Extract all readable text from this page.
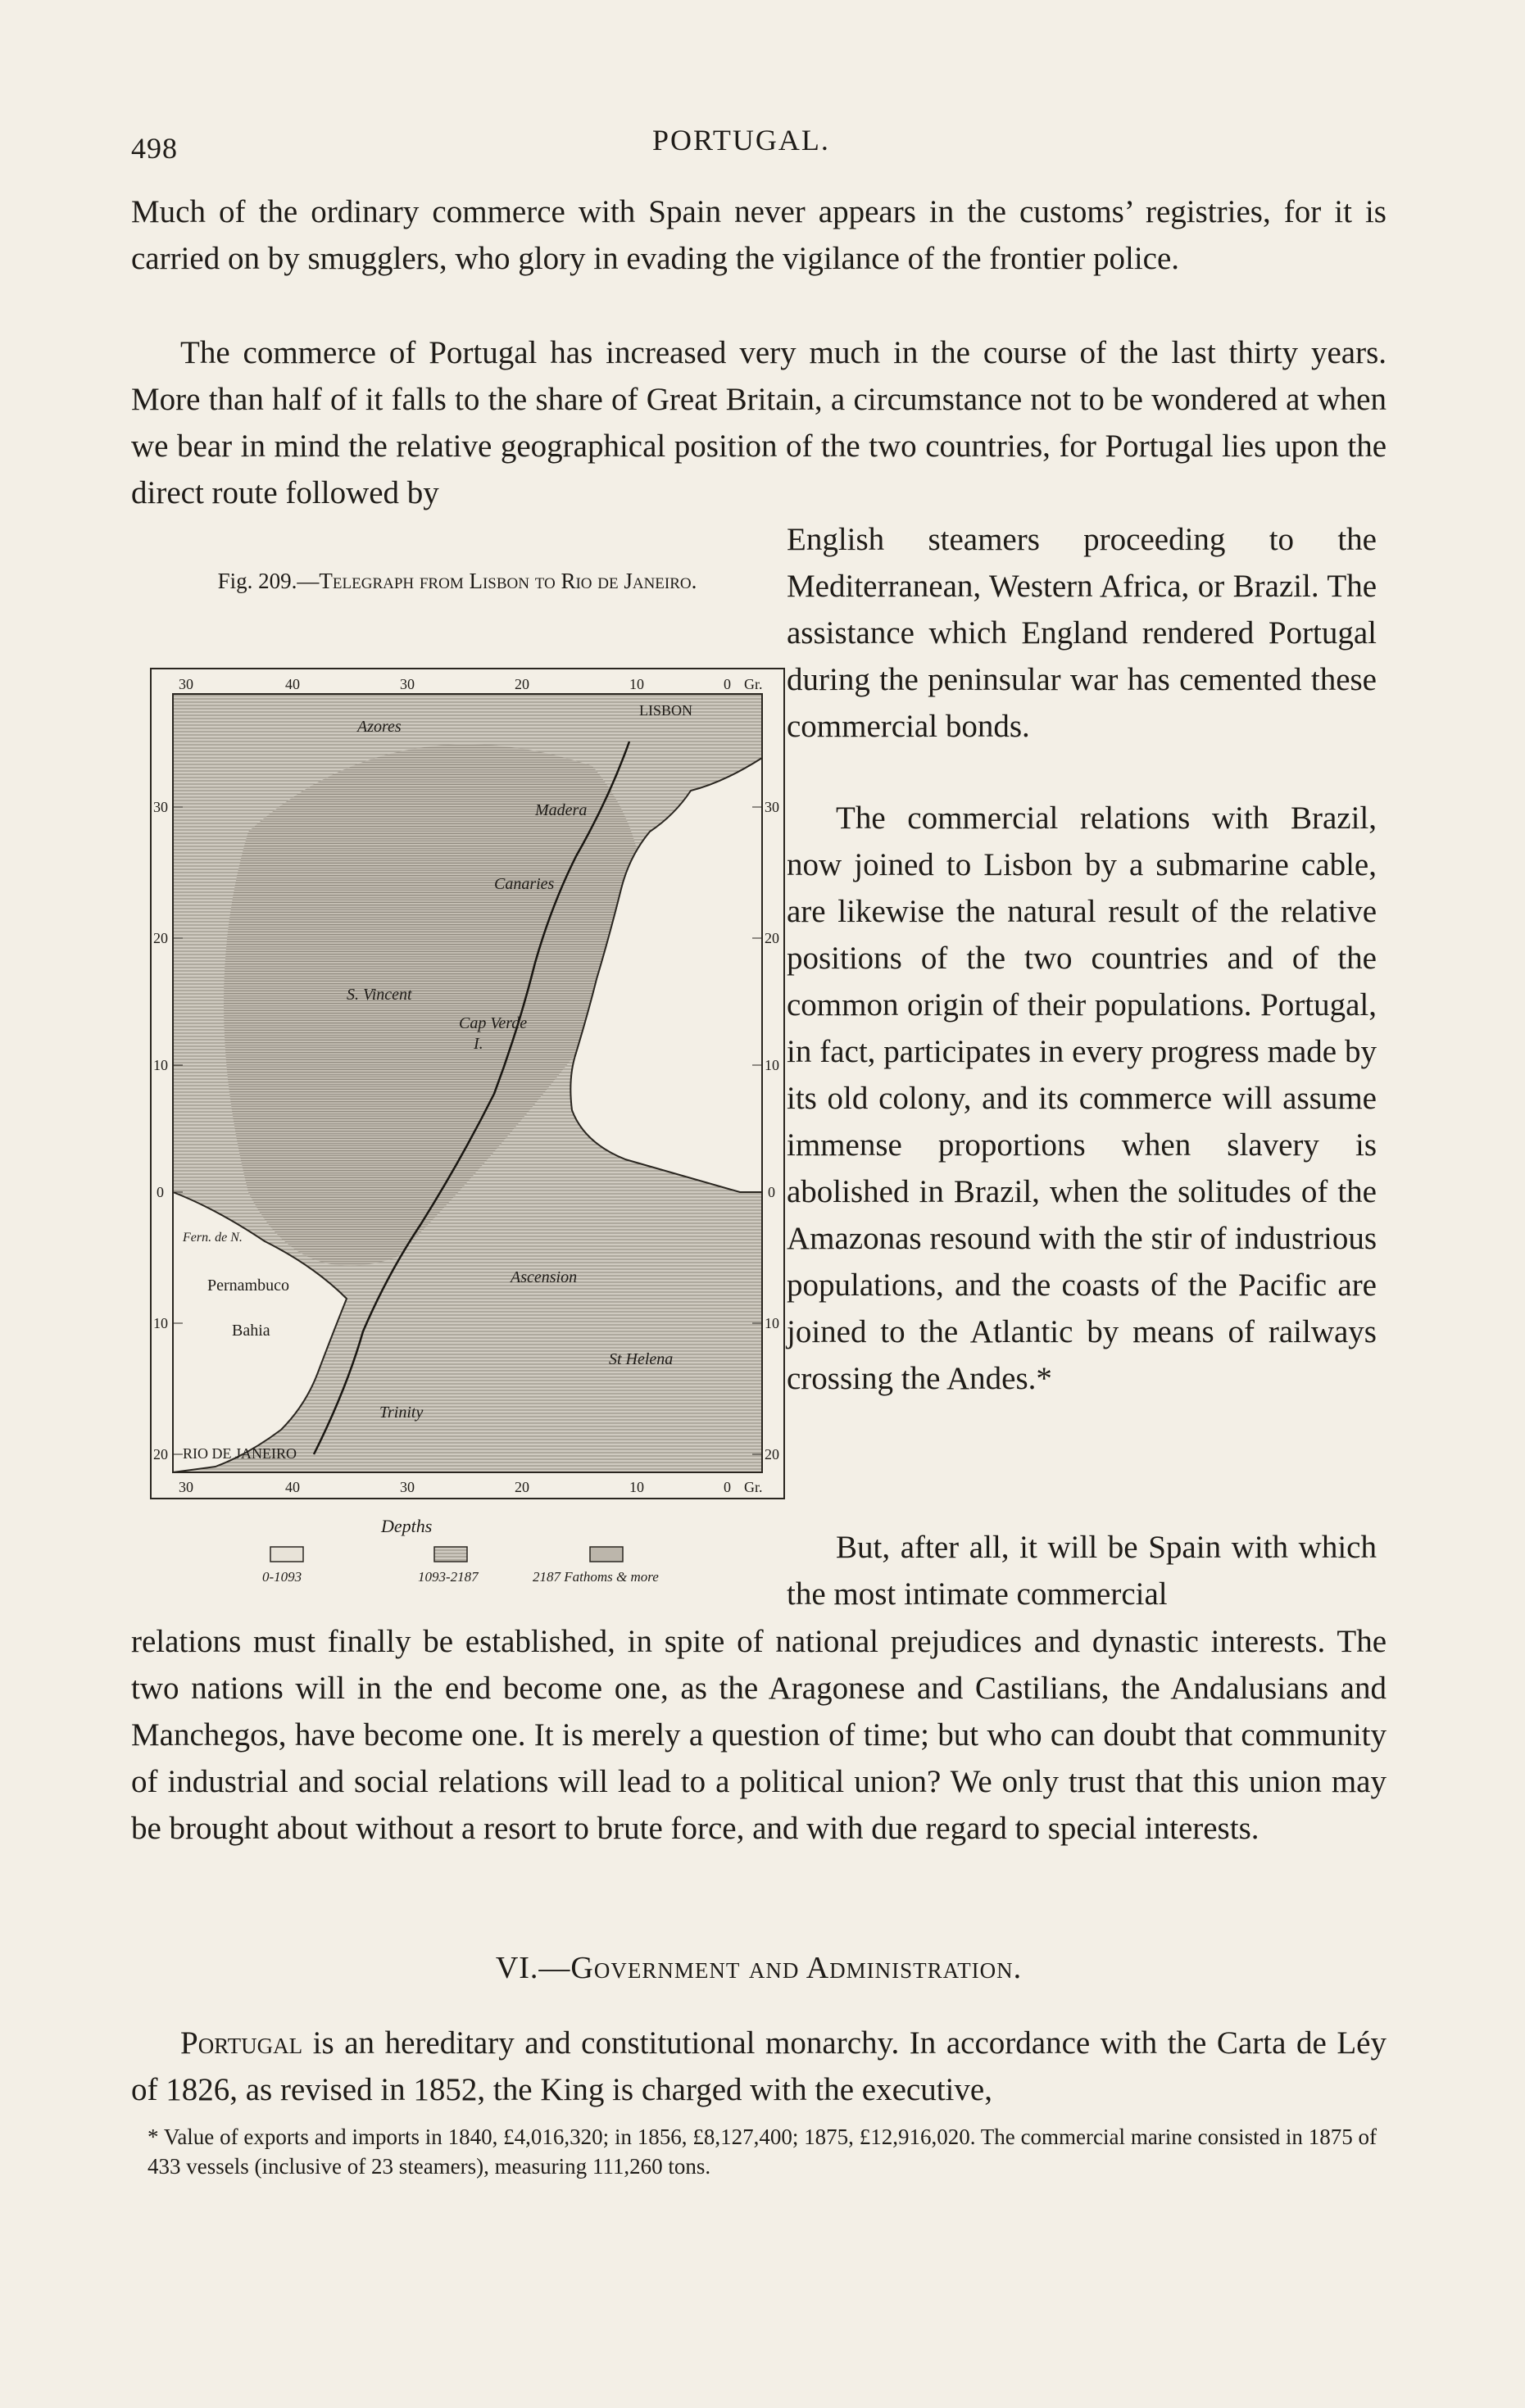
498	PORTUGAL.

Much of the ordinary commerce with Spain never appears in the customs’ registries, for it is carried on by smugglers, who glory in evading the vigilance of the frontier police.

The commerce of Portugal has increased very much in the course of the last thirty years. More than half of it falls to the share of Great Britain, a circumstance not to be wondered at when we bear in mind the relative geographical position of the two countries, for Portugal lies upon the direct route followed by

English steamers proceeding to the Mediterranean, Western Africa, or Brazil. The assistance which England rendered Portugal during the peninsular war has cemented these commercial bonds.

The commercial relations with Brazil, now joined to Lisbon by a submarine cable, are likewise the natural result of the relative positions of the two countries and of the common origin of their populations. Portugal, in fact, participates in every progress made by its old colony, and its commerce will assume immense proportions when slavery is abolished in Brazil, when the solitudes of the Amazonas resound with the stir of industrious populations, and the coasts of the Pacific are joined to the Atlantic by means of railways crossing the Andes.*

But, after all, it will be Spain with which the most intimate commercial

relations must finally be established, in spite of national prejudices and dynastic interests. The two nations will in the end become one, as the Aragonese and Castilians, the Andalusians and Manchegos, have become one. It is merely a question of time; but who can doubt that community of industrial and social relations will lead to a political union? We only trust that this union may be brought about without a resort to brute force, and with due regard to special interests.

Fig. 209.—Telegraph from Lisbon to Rio de Janeiro.
Azores
LISBON
Madera
Canaries
S. Vincent
Cap Verde
I.
Fern. de N.
Pernambuco
Bahia
Ascension
St Helena
Trinity
RIO DE JANEIRO
30	40	30	20	10	0 Gr.
30	40	30	20	10	0 Gr.
30
20
10
0
10
20
30
20
10
0
10
20
Depths
0-1093	1093-2187	2187 Fathoms & more
VI.—Government and Administration.

Portugal is an hereditary and constitutional monarchy. In accordance with the Carta de Léy of 1826, as revised in 1852, the King is charged with the executive,

* Value of exports and imports in 1840, £4,016,320; in 1856, £8,127,400; 1875, £12,916,020. The commercial marine consisted in 1875 of 433 vessels (inclusive of 23 steamers), measuring 111,260 tons.
